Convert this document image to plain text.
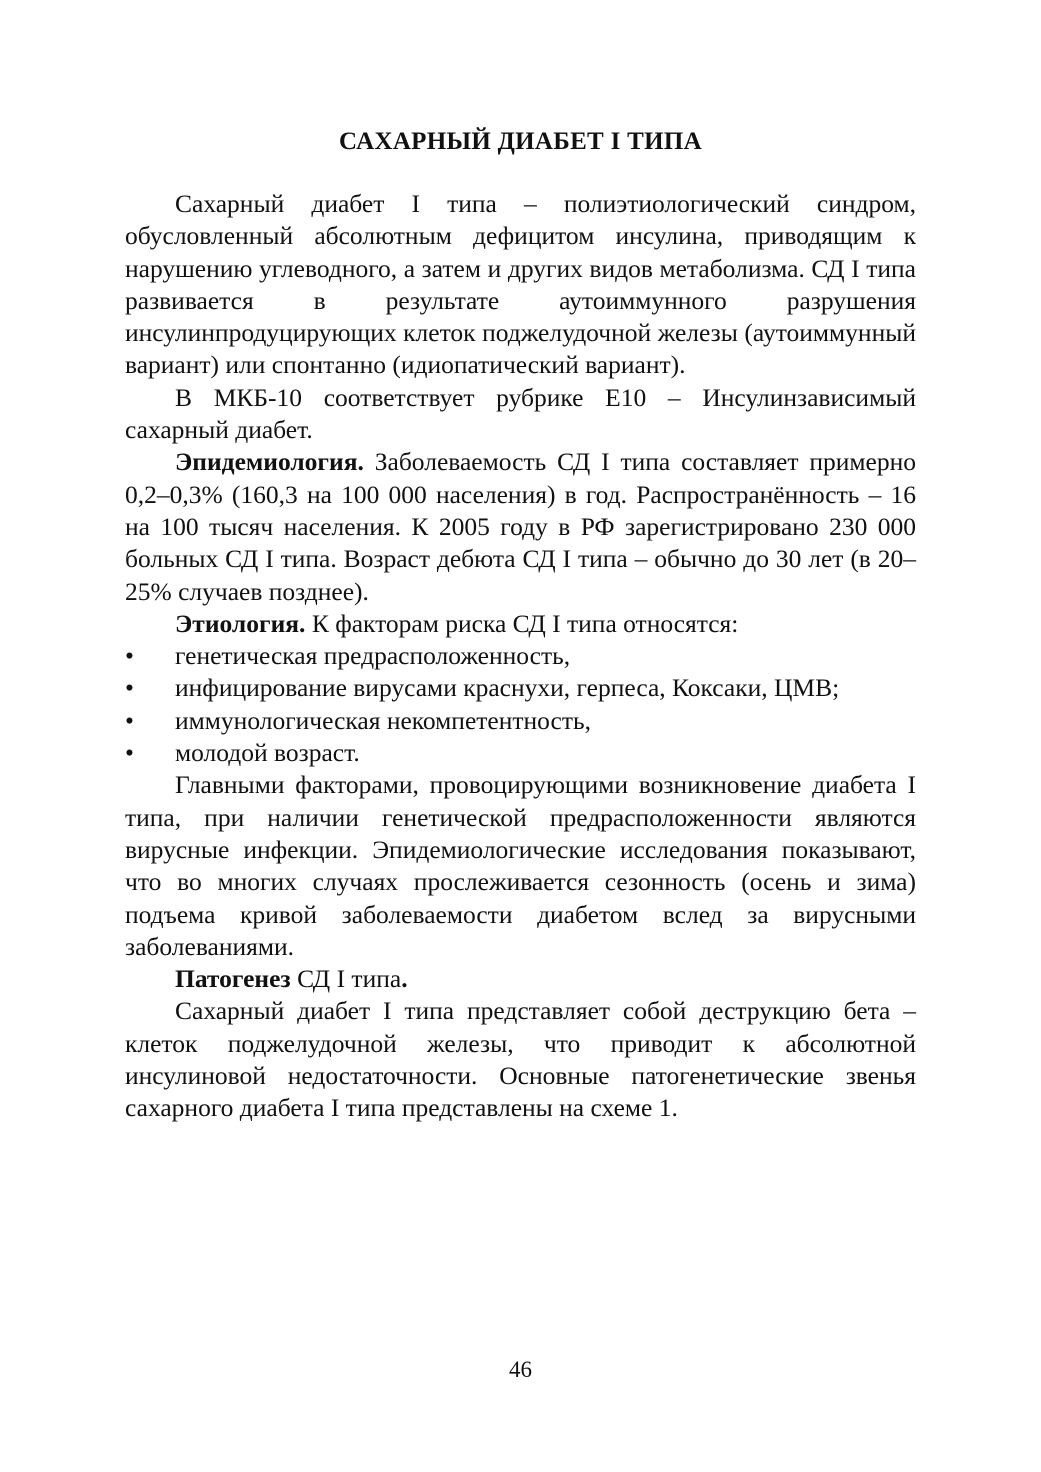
САХАРНЫЙ ДИАБЕТ I ТИПА

Сахарный диабет I типа – полиэтиологический синдром, обусловленный абсолютным дефицитом инсулина, приводящим к нарушению углеводного, а затем и других видов метаболизма. СД I типа развивается в результате аутоиммунного разрушения инсулинпродуцирующих клеток поджелудочной железы (аутоиммунный вариант) или спонтанно (идиопатический вариант).

В МКБ-10 соответствует рубрике Е10 – Инсулинзависимый сахарный диабет.

Эпидемиология. Заболеваемость СД I типа составляет примерно 0,2–0,3% (160,3 на 100 000 населения) в год. Распространённость – 16 на 100 тысяч населения. К 2005 году в РФ зарегистрировано 230 000 больных СД I типа. Возраст дебюта СД I типа – обычно до 30 лет (в 20–25% случаев позднее).

Этиология. К факторам риска СД I типа относятся:

•	генетическая предрасположенность,
•	инфицирование вирусами краснухи, герпеса, Коксаки, ЦМВ;
•	иммунологическая некомпетентность,
•	молодой возраст.

Главными факторами, провоцирующими возникновение диабета I типа, при наличии генетической предрасположенности являются вирусные инфекции. Эпидемиологические исследования показывают, что во многих случаях прослеживается сезонность (осень и зима) подъема кривой заболеваемости диабетом вслед за вирусными заболеваниями.

Патогенез СД I типа.

Сахарный диабет I типа представляет собой деструкцию бета – клеток поджелудочной железы, что приводит к абсолютной инсулиновой недостаточности. Основные патогенетические звенья сахарного диабета I типа представлены на схеме 1.

46
